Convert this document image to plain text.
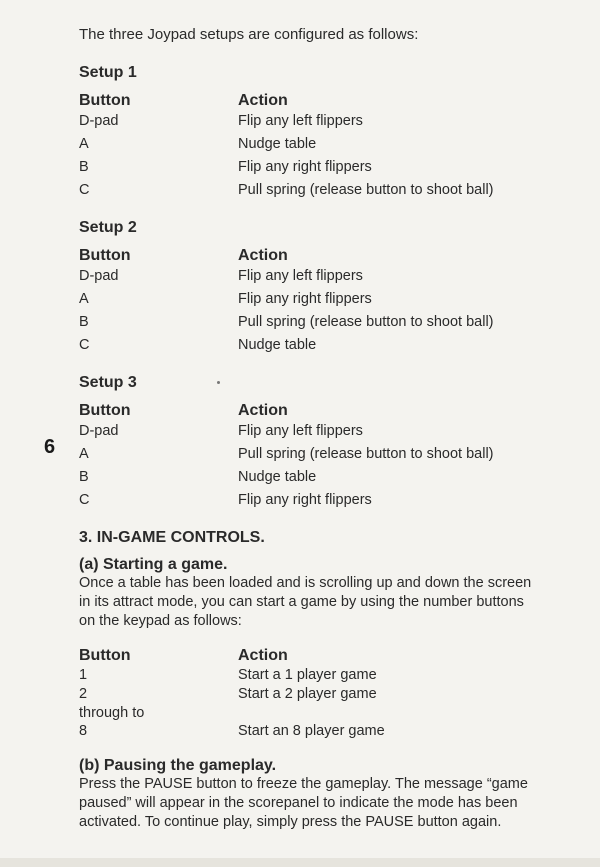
The three Joypad setups are configured as follows:
Setup 1
Button	Action
D-pad	Flip any left flippers
A	Nudge table
B	Flip any right flippers
C	Pull spring (release button to shoot ball)
Setup 2
Button	Action
D-pad	Flip any left flippers
A	Flip any right flippers
B	Pull spring (release button to shoot ball)
C	Nudge table
Setup 3
Button	Action
D-pad	Flip any left flippers
A	Pull spring (release button to shoot ball)
B	Nudge table
C	Flip any right flippers
6
3. IN-GAME CONTROLS.
(a) Starting a game.
Once a table has been loaded and is scrolling up and down the screen
in its attract mode, you can start a game by using the number buttons
on the keypad as follows:
Button	Action
1	Start a 1 player game
2	Start a 2 player game
through to
8	Start an 8 player game
(b) Pausing the gameplay.
Press the PAUSE button to freeze the gameplay. The message “game
paused” will appear in the scorepanel to indicate the mode has been
activated. To continue play, simply press the PAUSE button again.
